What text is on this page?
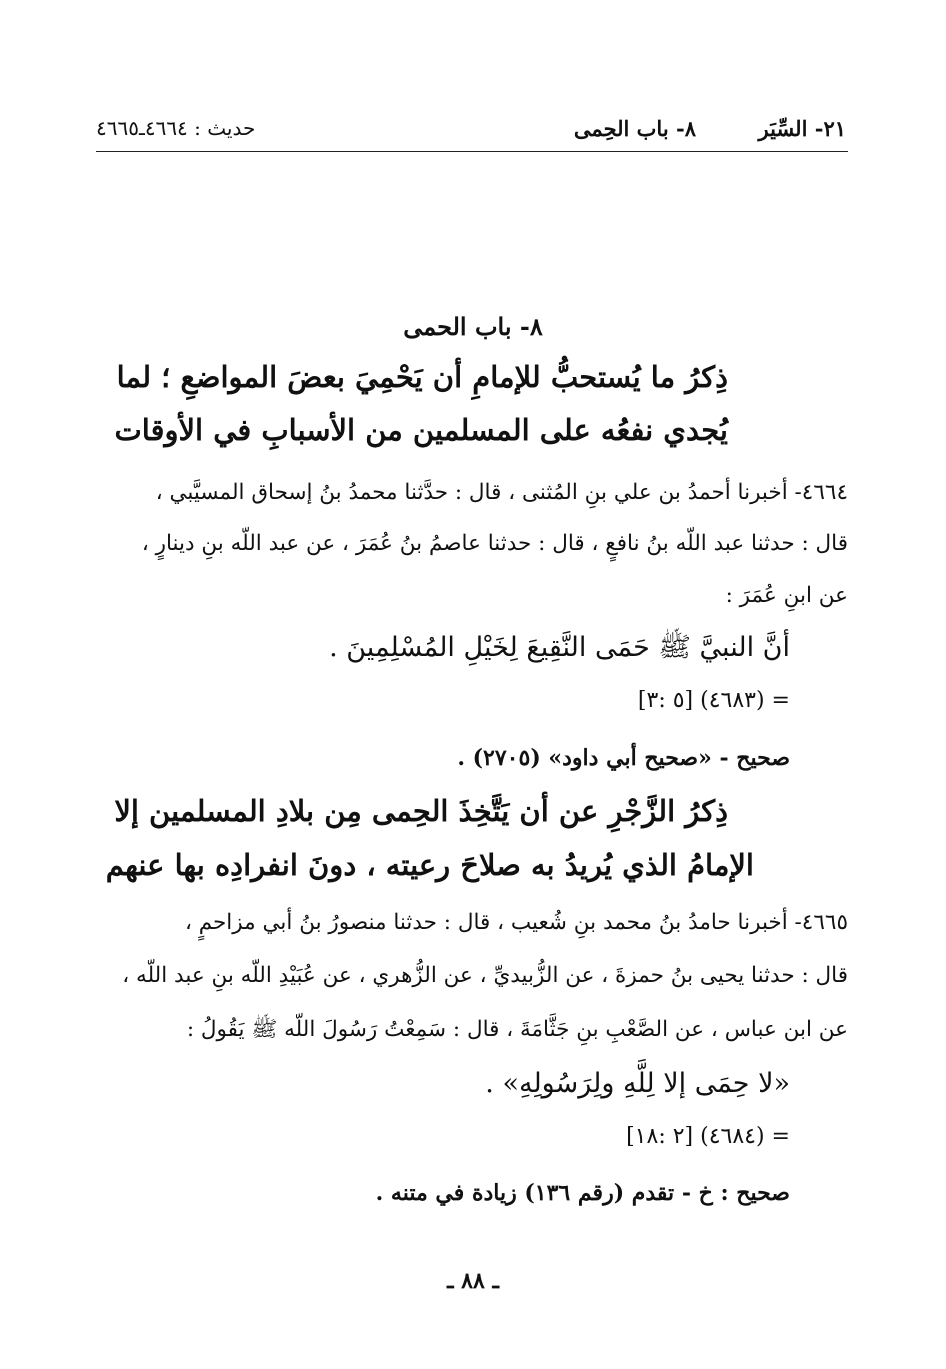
٢١- السِّيَر
٨- باب الحِمى
حديث : ٤٦٦٤ـ٤٦٦٥
٨- باب الحمى
ذِكرُ ما يُستحبُّ للإمامِ أن يَحْمِيَ بعضَ المواضعِ ؛ لما
يُجدي نفعُه على المسلمين من الأسبابِ في الأوقات
٤٦٦٤- أخبرنا أحمدُ بن علي بنِ المُثنى ، قال : حدَّثنا محمدُ بنُ إسحاق المسيَّبي ،
قال : حدثنا عبد اللّه بنُ نافعٍ ، قال : حدثنا عاصمُ بنُ عُمَرَ ، عن عبد اللّه بنِ دينارٍ ،
عن ابنِ عُمَرَ :
أنَّ النبيَّ ﷺ حَمَى النَّقِيعَ لِخَيْلِ المُسْلِمِينَ .
= (٤٦٨٣) [٥ :٣]
صحيح - «صحيح أبي داود» (٢٧٠٥) .
ذِكرُ الزَّجْرِ عن أن يَتَّخِذَ الحِمى مِن بلادِ المسلمين إلا
الإمامُ الذي يُريدُ به صلاحَ رعيته ، دونَ انفرادِه بها عنهم
٤٦٦٥- أخبرنا حامدُ بنُ محمد بنِ شُعيب ، قال : حدثنا منصورُ بنُ أبي مزاحمٍ ،
قال : حدثنا يحيى بنُ حمزةَ ، عن الزُّبيديِّ ، عن الزُّهري ، عن عُبَيْدِ اللّه بنِ عبد اللّه ،
عن ابن عباس ، عن الصَّعْبِ بنِ جَثَّامَةَ ، قال : سَمِعْتُ رَسُولَ اللّه ﷺ يَقُولُ :
«لا حِمَى إلا لِلَّهِ ولِرَسُولِهِ» .
= (٤٦٨٤) [٢ :١٨]
صحيح : خ - تقدم (رقم ١٣٦) زيادة في متنه .
ـ ٨٨ ـ
